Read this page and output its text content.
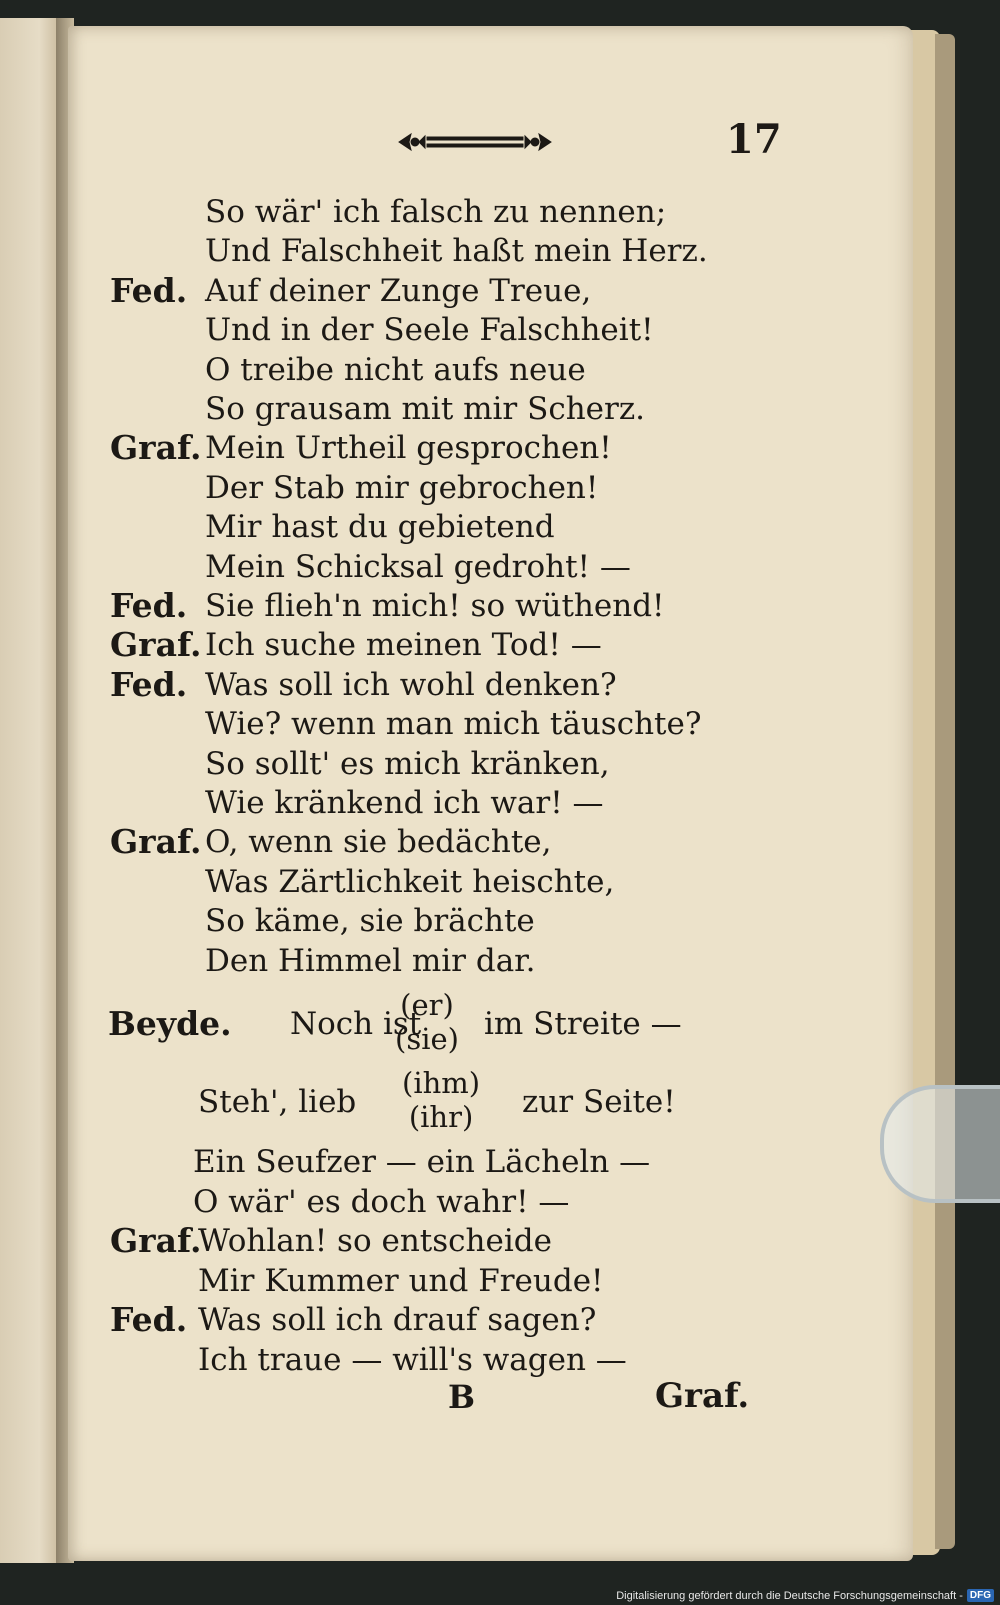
17
So wär' ich falsch zu nennen;
Und Falschheit haßt mein Herz.
Fed. Auf deiner Zunge Treue,
Und in der Seele Falschheit!
O treibe nicht aufs neue
So grausam mit mir Scherz.
Graf. Mein Urtheil gesprochen!
Der Stab mir gebrochen!
Mir hast du gebietend
Mein Schicksal gedroht! —
Fed. Sie flieh'n mich! so wüthend!
Graf. Ich suche meinen Tod! —
Fed. Was soll ich wohl denken?
Wie? wenn man mich täuschte?
So sollt' es mich kränken,
Wie kränkend ich war! —
Graf. O, wenn sie bedächte,
Was Zärtlichkeit heischte,
So käme, sie brächte
Den Himmel mir dar.
Beyde. Noch ist
(er)
(sie) im Streite —
Steh', lieb
(ihm)
(ihr) zur Seite!
Ein Seufzer — ein Lächeln —
O wär' es doch wahr! —
Graf.
Wohlan! so entscheide
Mir Kummer und Freude!
Fed. Was soll ich drauf sagen?
Ich traue — will's wagen —
B	Graf.
Digitalisierung gefördert durch die Deutsche Forschungsgemeinschaft - DFG
